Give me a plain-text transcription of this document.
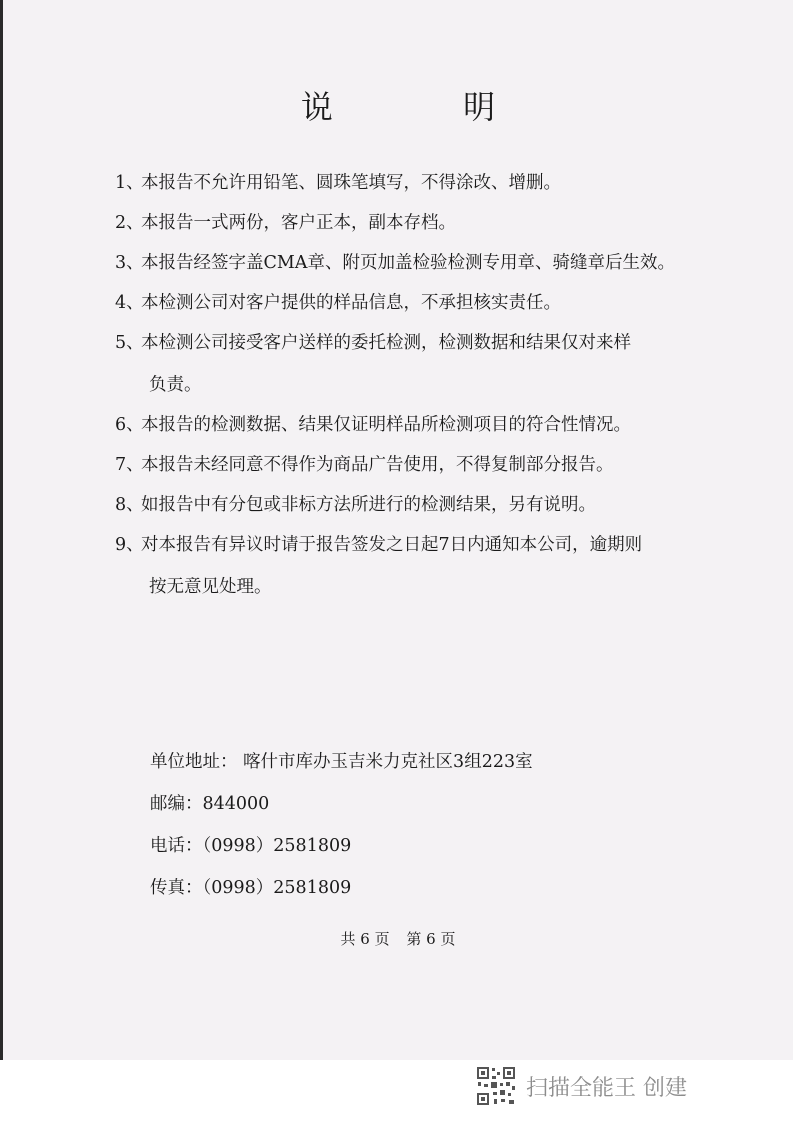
说 明
1、
本报告不允许用铅笔、圆珠笔填写，不得涂改、增删。
2、
本报告一式两份，客户正本，副本存档。
3、
本报告经签字盖CMA章、附页加盖检验检测专用章、骑缝章后生效。
4、
本检测公司对客户提供的样品信息，不承担核实责任。
5、
本检测公司接受客户送样的委托检测，检测数据和结果仅对来样
负责。
6、
本报告的检测数据、结果仅证明样品所检测项目的符合性情况。
7、
本报告未经同意不得作为商品广告使用，不得复制部分报告。
8、
如报告中有分包或非标方法所进行的检测结果，另有说明。
9、
对本报告有异议时请于报告签发之日起7日内通知本公司，逾期则
按无意见处理。
单位地址： 喀什市库办玉吉米力克社区3组223室
邮编：844000
电话：（0998）2581809
传真：（0998）2581809
共 6 页 第 6 页
扫描全能王 创建
